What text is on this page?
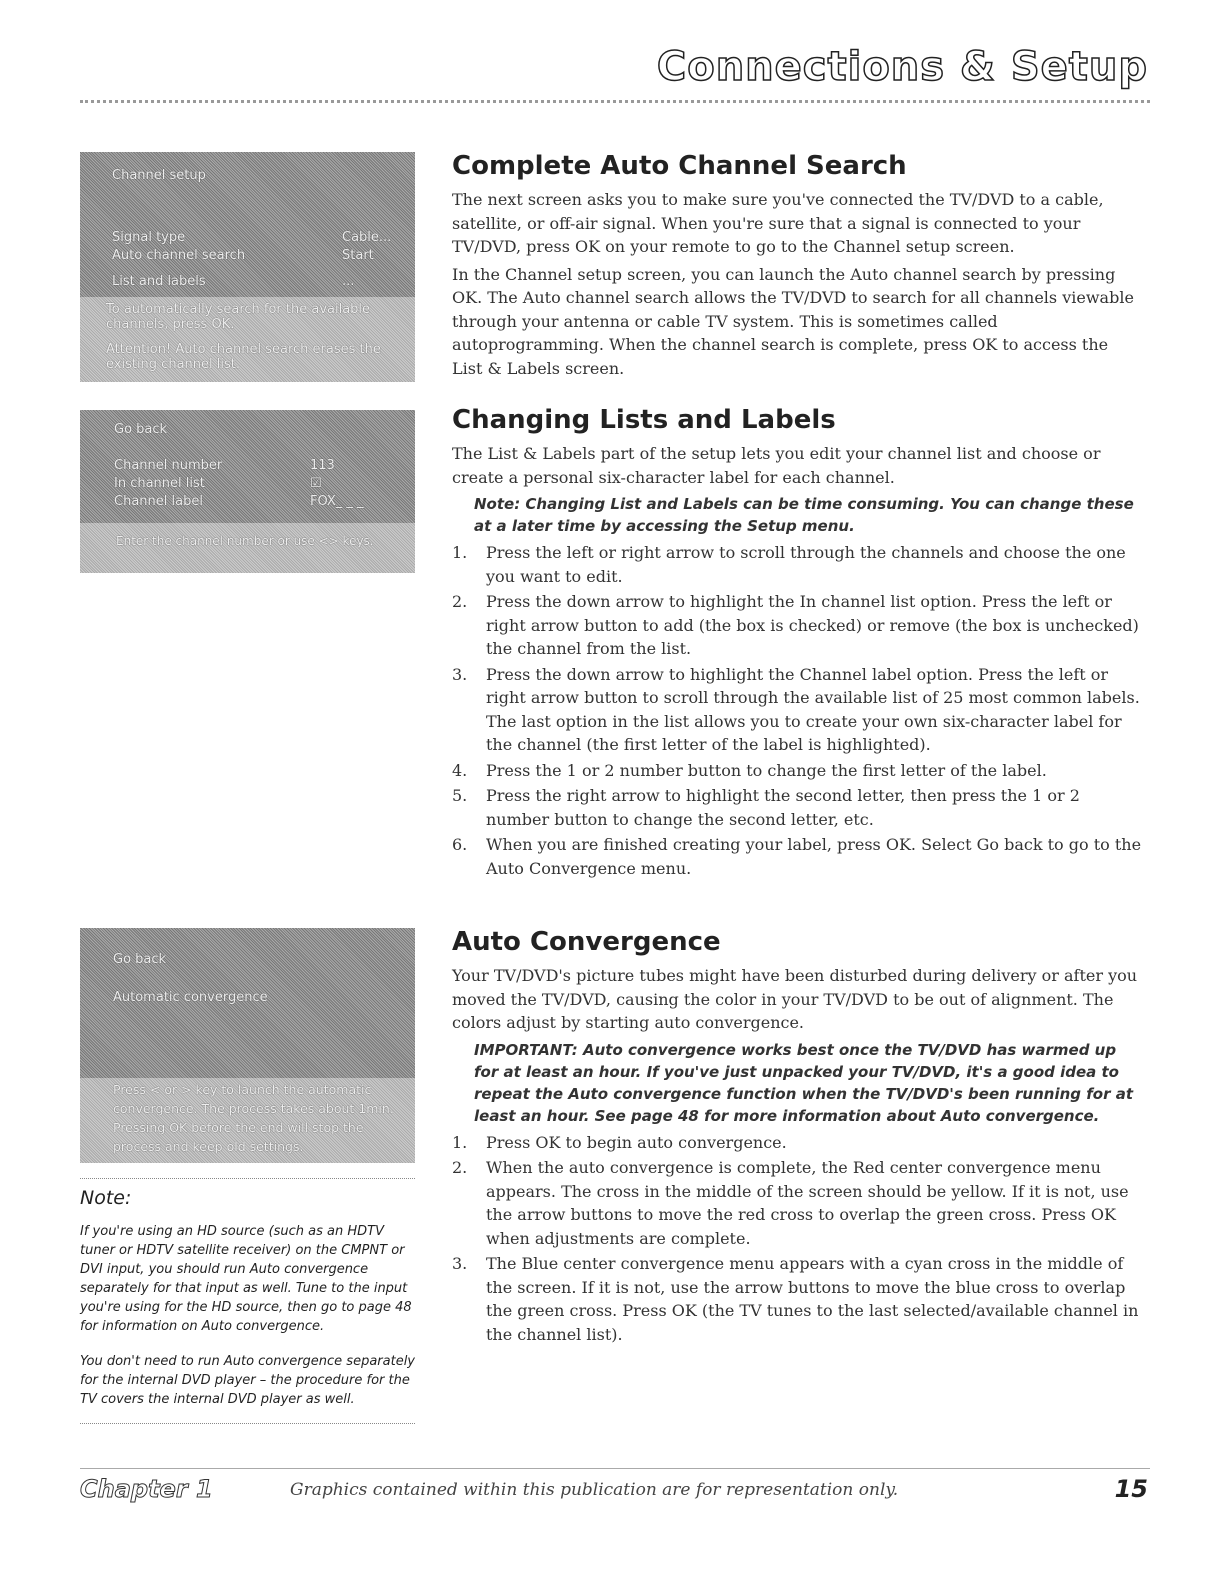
Connections & Setup
Channel setup
Signal type	Cable...
Auto channel search	Start
List and labels	...
To automatically search for the available channels, press OK.
Attention! Auto channel search erases the existing channel list.
Go back
Channel number	113
In channel list	☑
Channel label	FOX_ _ _
Enter the channel number or use <> keys.
Go back
Automatic convergence
Press < or > key to launch the automatic convergence. The process takes about 1min. Pressing OK before the end will stop the process and keep old settings.
Complete Auto Channel Search

The next screen asks you to make sure you've connected the TV/DVD to a cable, satellite, or off-air signal. When you're sure that a signal is connected to your TV/DVD, press OK on your remote to go to the Channel setup screen.

In the Channel setup screen, you can launch the Auto channel search by pressing OK. The Auto channel search allows the TV/DVD to search for all channels viewable through your antenna or cable TV system. This is sometimes called autoprogramming. When the channel search is complete, press OK to access the List & Labels screen.

Changing Lists and Labels

The List & Labels part of the setup lets you edit your channel list and choose or create a personal six-character label for each channel.

Note: Changing List and Labels can be time consuming. You can change these at a later time by accessing the Setup menu.
1. Press the left or right arrow to scroll through the channels and choose the one you want to edit.
2. Press the down arrow to highlight the In channel list option. Press the left or right arrow button to add (the box is checked) or remove (the box is unchecked) the channel from the list.
3. Press the down arrow to highlight the Channel label option. Press the left or right arrow button to scroll through the available list of 25 most common labels. The last option in the list allows you to create your own six-character label for the channel (the first letter of the label is highlighted).
4. Press the 1 or 2 number button to change the first letter of the label.
5. Press the right arrow to highlight the second letter, then press the 1 or 2 number button to change the second letter, etc.
6. When you are finished creating your label, press OK. Select Go back to go to the Auto Convergence menu.
Auto Convergence

Your TV/DVD's picture tubes might have been disturbed during delivery or after you moved the TV/DVD, causing the color in your TV/DVD to be out of alignment. The colors adjust by starting auto convergence.

IMPORTANT: Auto convergence works best once the TV/DVD has warmed up for at least an hour. If you've just unpacked your TV/DVD, it's a good idea to repeat the Auto convergence function when the TV/DVD's been running for at least an hour. See page 48 for more information about Auto convergence.
1. Press OK to begin auto convergence.
2. When the auto convergence is complete, the Red center convergence menu appears. The cross in the middle of the screen should be yellow. If it is not, use the arrow buttons to move the red cross to overlap the green cross. Press OK when adjustments are complete.
3. The Blue center convergence menu appears with a cyan cross in the middle of the screen. If it is not, use the arrow buttons to move the blue cross to overlap the green cross. Press OK (the TV tunes to the last selected/available channel in the channel list).
Note:
If you're using an HD source (such as an HDTV tuner or HDTV satellite receiver) on the CMPNT or DVI input, you should run Auto convergence separately for that input as well. Tune to the input you're using for the HD source, then go to page 48 for information on Auto convergence.
You don't need to run Auto convergence separately for the internal DVD player – the procedure for the TV covers the internal DVD player as well.
Chapter 1	Graphics contained within this publication are for representation only.	15
